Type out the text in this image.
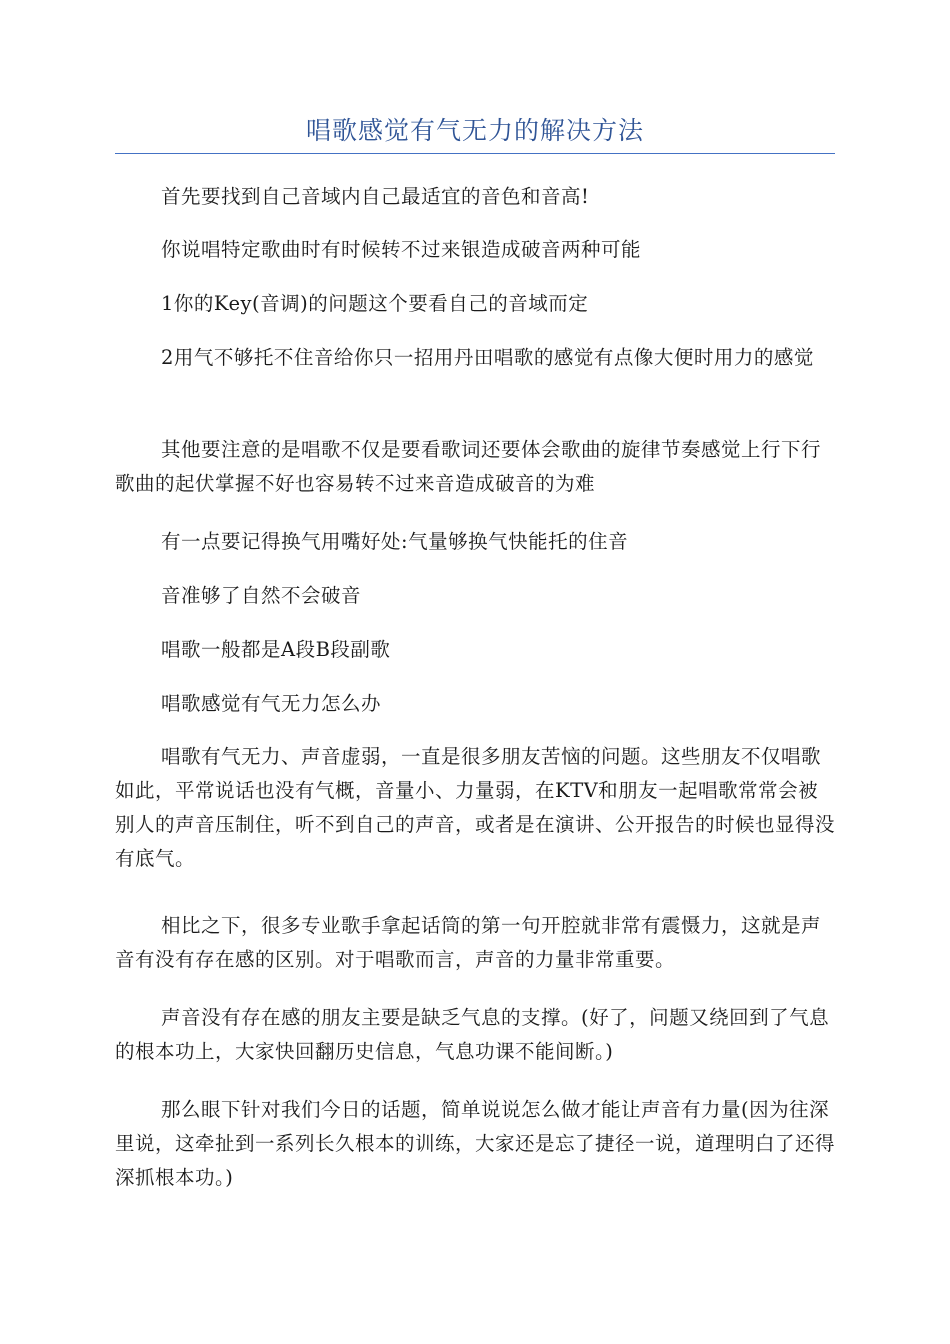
唱歌感觉有气无力的解决方法

首先要找到自己音域内自己最适宜的音色和音高!

你说唱特定歌曲时有时候转不过来银造成破音两种可能

1你的Key(音调)的问题这个要看自己的音域而定

2用气不够托不住音给你只一招用丹田唱歌的感觉有点像大便时用力的感觉

其他要注意的是唱歌不仅是要看歌词还要体会歌曲的旋律节奏感觉上行下行歌曲的起伏掌握不好也容易转不过来音造成破音的为难

有一点要记得换气用嘴好处:气量够换气快能托的住音

音准够了自然不会破音

唱歌一般都是A段B段副歌

唱歌感觉有气无力怎么办

唱歌有气无力、声音虚弱，一直是很多朋友苦恼的问题。这些朋友不仅唱歌如此，平常说话也没有气概，音量小、力量弱，在KTV和朋友一起唱歌常常会被别人的声音压制住，听不到自己的声音，或者是在演讲、公开报告的时候也显得没有底气。

相比之下，很多专业歌手拿起话筒的第一句开腔就非常有震慑力，这就是声音有没有存在感的区别。对于唱歌而言，声音的力量非常重要。

声音没有存在感的朋友主要是缺乏气息的支撑。(好了，问题又绕回到了气息的根本功上，大家快回翻历史信息，气息功课不能间断。)

那么眼下针对我们今日的话题，简单说说怎么做才能让声音有力量(因为往深里说，这牵扯到一系列长久根本的训练，大家还是忘了捷径一说，道理明白了还得深抓根本功。)
